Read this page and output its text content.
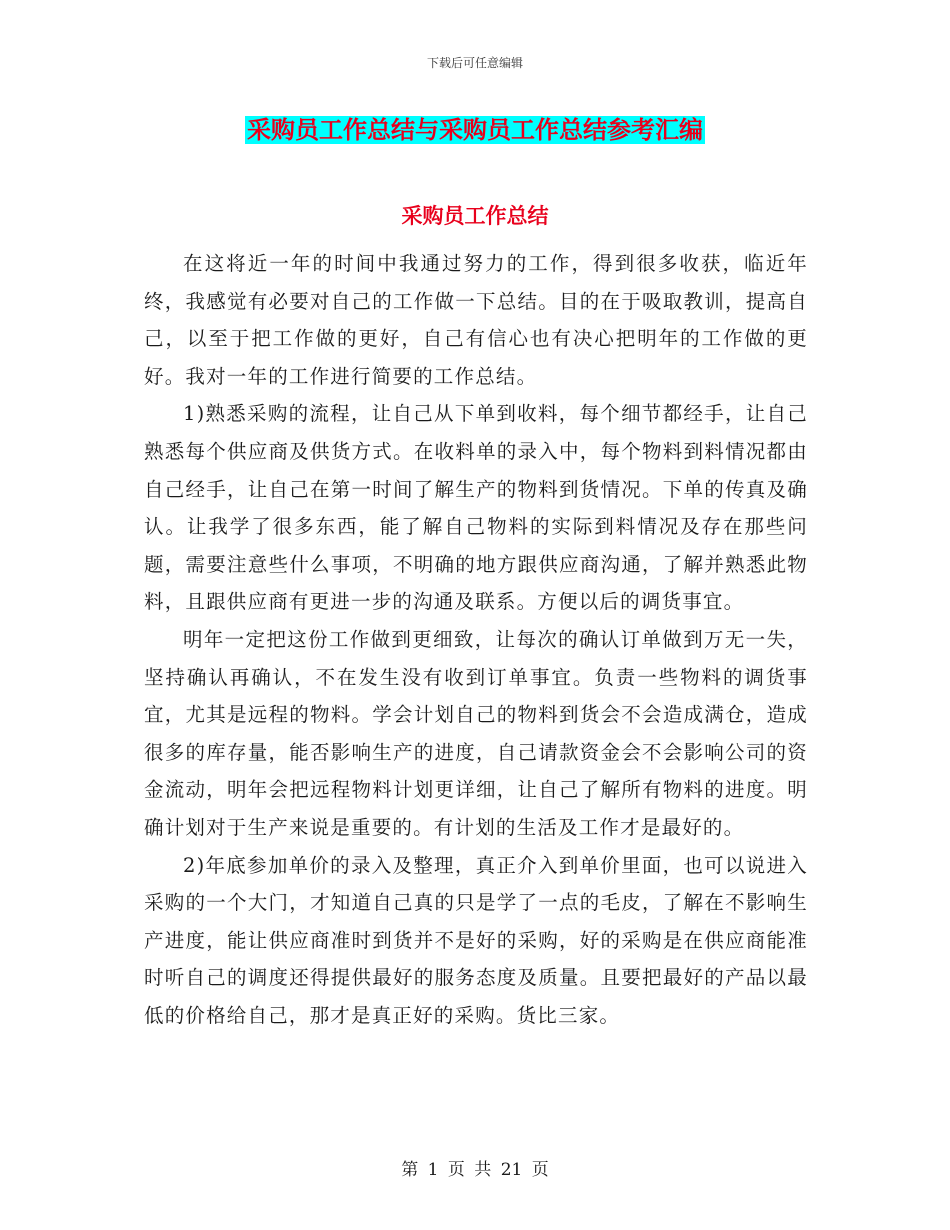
下载后可任意编辑
采购员工作总结与采购员工作总结参考汇编
采购员工作总结

在这将近一年的时间中我通过努力的工作，得到很多收获，临近年终，我感觉有必要对自己的工作做一下总结。目的在于吸取教训，提高自己，以至于把工作做的更好，自己有信心也有决心把明年的工作做的更好。我对一年的工作进行简要的工作总结。

1)熟悉采购的流程，让自己从下单到收料，每个细节都经手，让自己熟悉每个供应商及供货方式。在收料单的录入中，每个物料到料情况都由自己经手，让自己在第一时间了解生产的物料到货情况。下单的传真及确认。让我学了很多东西，能了解自己物料的实际到料情况及存在那些问题，需要注意些什么事项，不明确的地方跟供应商沟通，了解并熟悉此物料，且跟供应商有更进一步的沟通及联系。方便以后的调货事宜。

明年一定把这份工作做到更细致，让每次的确认订单做到万无一失，坚持确认再确认，不在发生没有收到订单事宜。负责一些物料的调货事宜，尤其是远程的物料。学会计划自己的物料到货会不会造成满仓，造成很多的库存量，能否影响生产的进度，自己请款资金会不会影响公司的资金流动，明年会把远程物料计划更详细，让自己了解所有物料的进度。明确计划对于生产来说是重要的。有计划的生活及工作才是最好的。

2)年底参加单价的录入及整理，真正介入到单价里面，也可以说进入采购的一个大门，才知道自己真的只是学了一点的毛皮，了解在不影响生产进度，能让供应商准时到货并不是好的采购，好的采购是在供应商能准时听自己的调度还得提供最好的服务态度及质量。且要把最好的产品以最低的价格给自己，那才是真正好的采购。货比三家。

第 1 页 共 21 页
